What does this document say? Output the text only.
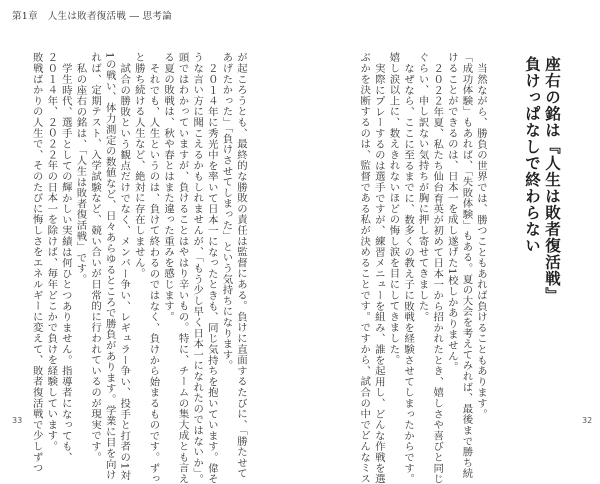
第1章　人生は敗者復活戦 ― 思考論

が起ころうとも、最終的な勝敗の責任は監督にある。負けに直面するたびに、「勝たせて

あげたかった」「負けさせてしまった」という気持ちになります。

２０１４年に秀光中を率いて日本一になったときも、同じ気持ちを抱いています。偉そ

うな言い方に聞こえるかもしれませんが、「もう少し早く日本一になれたのではないか」。

頭ではわかっていますが、負けることはやはり辛いもの。特に、チームの集大成とも言え

る夏の敗戦は、秋や春とはまた違った重みを感じます。

それでも、人生というのは、負けて終わるのではなく、負けから始まるものです。ずっ

と勝ち続ける人生など、絶対に存在しません。

試合の勝敗という観点だけでなく、メンバー争い、レギュラー争い、投手と打者の1対

1の戦い、体力測定の数値など、日々あらゆるところで勝負があります。学業に目を向け

れば、定期テスト、入学試験など、競い合いが日常的に行われているのが現実です。

私の座右の銘は、「人生は敗者復活戦」です。

学生時代、選手としての輝かしい実績は何ひとつありません。指導者になっても、

２０１４年、２０２２年の日本一を除けば、毎年どこかで負けを経験しています。

敗戦ばかりの人生で、そのたびに悔しさをエネルギーに変えて、敗者復活戦で少しずつ

33
座右の銘は『人生は敗者復活戦』
負けっぱなしで終わらない

当然ながら、勝負の世界では、勝つこともあれば負けることもあります。

「成功体験」もあれば、「失敗体験」もある。夏の大会を考えてみれば、最後まで勝ち続

けることができるのは、日本一を成し遂げた1校しかありません。

２０２２年夏、私たち仙台育英が初めて日本一から招かれたとき、嬉しさや喜びと同じ

ぐらい、申し訳ない気持ちが胸に押し寄せてきました。

なぜなら、ここに至るまでに、数多くの教え子に敗戦を経験させてしまったからです。

嬉し涙以上に、数えきれないほどの悔し涙を目にしてきました。

実際にプレーするのは選手ですが、練習メニューを組み、誰を起用し、どんな作戦を選

ぶかを決断するのは、監督である私が決めることです。ですから、試合の中でどんなミス	32
